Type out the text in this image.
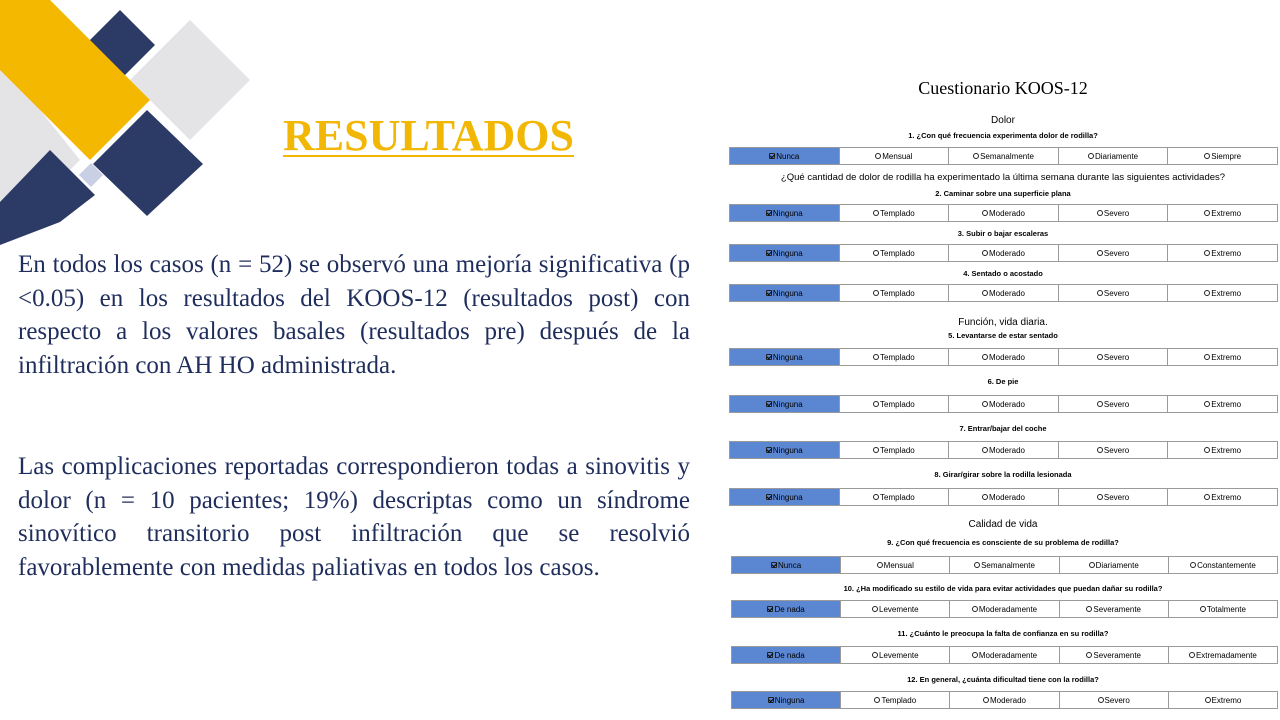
RESULTADOS

En todos los casos (n = 52) se observó una mejoría significativa (p <0.05) en los resultados del KOOS-12 (resultados post) con respecto a los valores basales (resultados pre) después de la infiltración con AH HO administrada.

Las complicaciones reportadas correspondieron todas a sinovitis y dolor (n = 10 pacientes; 19%) descriptas como un síndrome sinovítico transitorio post infiltración que se resolvió favorablemente con medidas paliativas en todos los casos.

Cuestionario KOOS-12
Dolor
¿Qué cantidad de dolor de rodilla ha experimentado la última semana durante las siguientes actividades?
Función, vida diaria.
Calidad de vida
1. ¿Con qué frecuencia experimenta dolor de rodilla?
Nunca	Mensual	Semanalmente	Diariamente	Siempre
2. Caminar sobre una superficie plana
Ninguna	Templado	Moderado	Severo	Extremo
3. Subir o bajar escaleras
Ninguna	Templado	Moderado	Severo	Extremo
4. Sentado o acostado
Ninguna	Templado	Moderado	Severo	Extremo
5. Levantarse de estar sentado
Ninguna	Templado	Moderado	Severo	Extremo
6. De pie
Ninguna	Templado	Moderado	Severo	Extremo
7. Entrar/bajar del coche
Ninguna	Templado	Moderado	Severo	Extremo
8. Girar/girar sobre la rodilla lesionada
Ninguna	Templado	Moderado	Severo	Extremo
9. ¿Con qué frecuencia es consciente de su problema de rodilla?
Nunca	Mensual	Semanalmente	Diariamente	Constantemente
10. ¿Ha modificado su estilo de vida para evitar actividades que puedan dañar su rodilla?
De nada	Levemente	Moderadamente	Severamente	Totalmente
11. ¿Cuánto le preocupa la falta de confianza en su rodilla?
De nada	Levemente	Moderadamente	Severamente	Extremadamente
12. En general, ¿cuánta dificultad tiene con la rodilla?
Ninguna	Templado	Moderado	Severo	Extremo
